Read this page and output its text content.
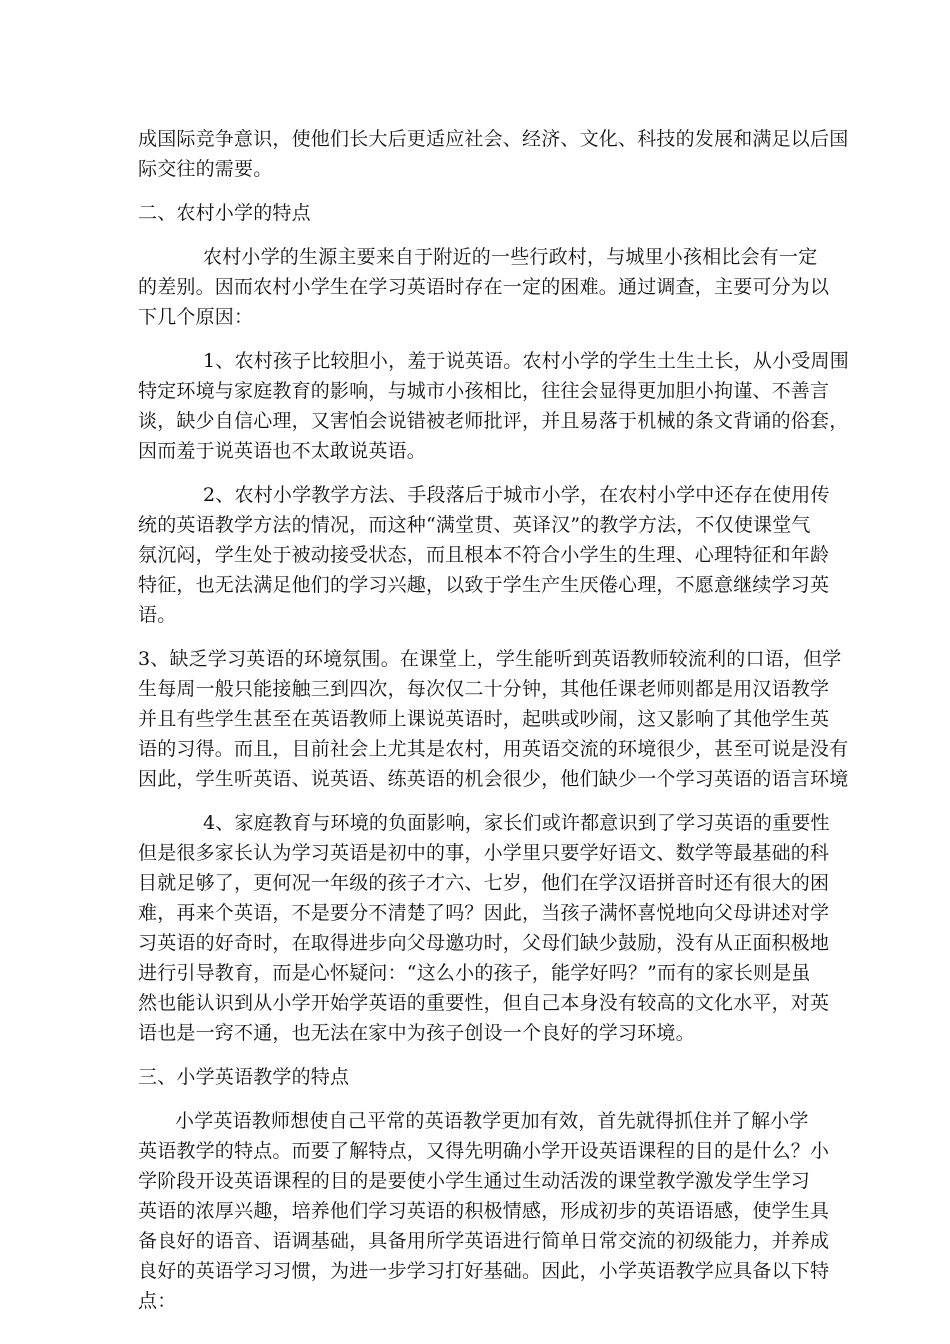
成国际竞争意识，使他们长大后更适应社会、经济、文化、科技的发展和满足以后国
际交往的需要。
二、农村小学的特点
农村小学的生源主要来自于附近的一些行政村，与城里小孩相比会有一定
的差别。因而农村小学生在学习英语时存在一定的困难。通过调查，主要可分为以
下几个原因：
1、农村孩子比较胆小，羞于说英语。农村小学的学生土生土长，从小受周围
特定环境与家庭教育的影响，与城市小孩相比，往往会显得更加胆小拘谨、不善言
谈，缺少自信心理，又害怕会说错被老师批评，并且易落于机械的条文背诵的俗套，
因而羞于说英语也不太敢说英语。
2、农村小学教学方法、手段落后于城市小学，在农村小学中还存在使用传
统的英语教学方法的情况，而这种“满堂贯、英译汉”的教学方法，不仅使课堂气
氛沉闷，学生处于被动接受状态，而且根本不符合小学生的生理、心理特征和年龄
特征，也无法满足他们的学习兴趣，以致于学生产生厌倦心理，不愿意继续学习英
语。
3、缺乏学习英语的环境氛围。在课堂上，学生能听到英语教师较流利的口语，但学
生每周一般只能接触三到四次，每次仅二十分钟，其他任课老师则都是用汉语教学
并且有些学生甚至在英语教师上课说英语时，起哄或吵闹，这又影响了其他学生英
语的习得。而且，目前社会上尤其是农村，用英语交流的环境很少，甚至可说是没有
因此，学生听英语、说英语、练英语的机会很少，他们缺少一个学习英语的语言环境
4、家庭教育与环境的负面影响，家长们或许都意识到了学习英语的重要性
但是很多家长认为学习英语是初中的事，小学里只要学好语文、数学等最基础的科
目就足够了，更何况一年级的孩子才六、七岁，他们在学汉语拼音时还有很大的困
难，再来个英语，不是要分不清楚了吗？因此，当孩子满怀喜悦地向父母讲述对学
习英语的好奇时，在取得进步向父母邀功时，父母们缺少鼓励，没有从正面积极地
进行引导教育，而是心怀疑问：“这么小的孩子，能学好吗？”而有的家长则是虽
然也能认识到从小学开始学英语的重要性，但自己本身没有较高的文化水平，对英
语也是一窍不通，也无法在家中为孩子创设一个良好的学习环境。
三、小学英语教学的特点
小学英语教师想使自己平常的英语教学更加有效，首先就得抓住并了解小学
英语教学的特点。而要了解特点，又得先明确小学开设英语课程的目的是什么？小
学阶段开设英语课程的目的是要使小学生通过生动活泼的课堂教学激发学生学习
英语的浓厚兴趣，培养他们学习英语的积极情感，形成初步的英语语感，使学生具
备良好的语音、语调基础，具备用所学英语进行简单日常交流的初级能力，并养成
良好的英语学习习惯，为进一步学习打好基础。因此，小学英语教学应具备以下特
点：
